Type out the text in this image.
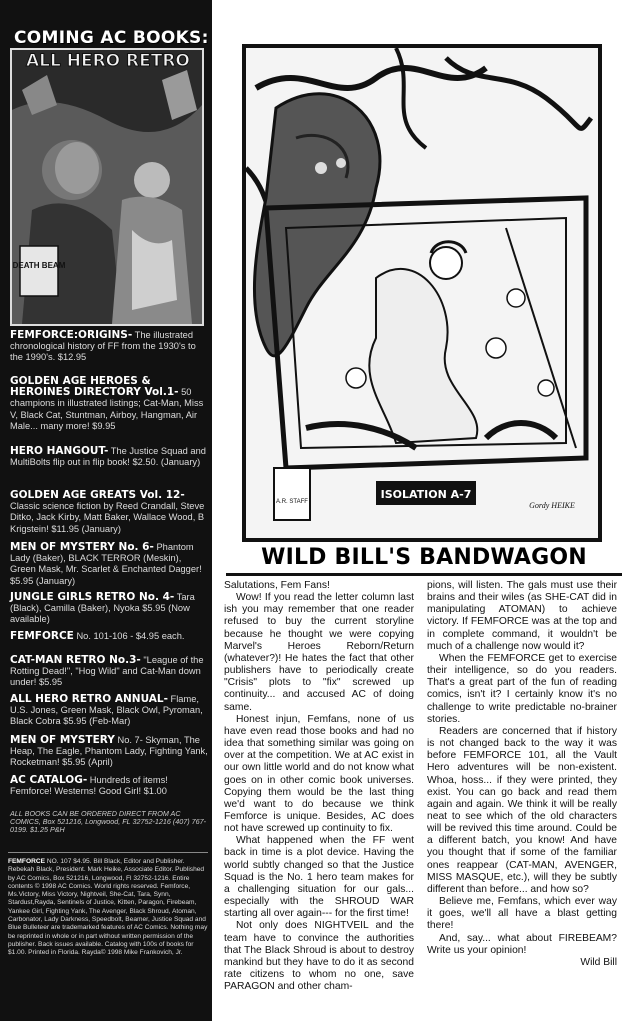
COMING AC BOOKS:
DEATH BEAM
ALL HERO RETRO
FEMFORCE:ORIGINS- The illustrated chronological history of FF from the 1930's to the 1990's. $12.95
GOLDEN AGE HEROES & HEROINES DIRECTORY Vol.1- 50 champions in illustrated listings; Cat-Man, Miss V, Black Cat, Stuntman, Airboy, Hangman, Air Male... many more! $9.95
HERO HANGOUT- The Justice Squad and MultiBolts flip out in flip book! $2.50. (January)
GOLDEN AGE GREATS Vol. 12- Classic science fiction by Reed Crandall, Steve Ditko, Jack Kirby, Matt Baker, Wallace Wood, B Krigstein! $11.95 (January)
MEN OF MYSTERY No. 6- Phantom Lady (Baker), BLACK TERROR (Meskin), Green Mask, Mr. Scarlet & Enchanted Dagger! $5.95 (January)
JUNGLE GIRLS RETRO No. 4- Tara (Black), Camilla (Baker), Nyoka $5.95 (Now available)
FEMFORCE No. 101-106 - $4.95 each.
CAT-MAN RETRO No.3- "League of the Rotting Dead!", "Hog Wild" and Cat-Man down under! $5.95
ALL HERO RETRO ANNUAL- Flame, U.S. Jones, Green Mask, Black Owl, Pyroman, Black Cobra $5.95 (Feb-Mar)
MEN OF MYSTERY No. 7- Skyman, The Heap, The Eagle, Phantom Lady, Fighting Yank, Rocketman! $5.95 (April)
AC CATALOG- Hundreds of items! Femforce! Westerns! Good Girl! $1.00
ALL BOOKS CAN BE ORDERED DIRECT FROM AC COMICS, Box 521216, Longwood, FL 32752-1216 (407) 767-0199. $1.25 P&H
FEMFORCE NO. 107 $4.95. Bill Black, Editor and Publisher. Rebekah Black, President. Mark Heike, Associate Editor. Published by AC Comics, Box 521216, Longwood, Fl 32752-1216. Entire contents © 1998 AC Comics. World rights reserved. Femforce, Ms.Victory, Miss Victory, Nightveil, She-Cat, Tara, Synn, Stardust,Rayda, Sentinels of Justice, Kitten, Paragon, Firebeam, Yankee Girl, Fighting Yank, The Avenger, Black Shroud, Atoman, Carbonator, Lady Darkness, Speedbolt, Beamer, Justice Squad and Blue Bulleteer are trademarked features of AC Comics. Nothing may be reprinted in whole or in part without written permission of the publisher. Back issues available. Catalog with 100s of books for $1.00. Printed in Florida. Rayda© 1998 Mike Frankovich, Jr.
A.R. STAFF
ISOLATION A-7
Gordy HEIKE
WILD BILL'S BANDWAGON

Salutations, Fem Fans!

Wow! If you read the letter column last ish you may remember that one reader refused to buy the current storyline because he thought we were copying Marvel's Heroes Reborn/Return (whatever?)! He hates the fact that other publishers have to periodically create "Crisis" plots to "fix" screwed up continuity... and accused AC of doing same.

Honest injun, Femfans, none of us have even read those books and had no idea that something similar was going on over at the competition. We at AC exist in our own little world and do not know what goes on in other comic book universes. Copying them would be the last thing we'd want to do because we think Femforce is unique. Besides, AC does not have screwed up continuity to fix.

What happened when the FF went back in time is a plot device. Having the world subtly changed so that the Justice Squad is the No. 1 hero team makes for a challenging situation for our gals... especially with the SHROUD WAR starting all over again--- for the first time!

Not only does NIGHTVEIL and the team have to convince the authorities that The Black Shroud is about to destroy mankind but they have to do it as second rate citizens to whom no one, save PARAGON and other cham-

pions, will listen. The gals must use their brains and their wiles (as SHE-CAT did in manipulating ATOMAN) to achieve victory. If FEMFORCE was at the top and in complete command, it wouldn't be much of a challenge now would it?

When the FEMFORCE get to exercise their intelligence, so do you readers. That's a great part of the fun of reading comics, isn't it? I certainly know it's no challenge to write predictable no-brainer stories.

Readers are concerned that if history is not changed back to the way it was before FEMFORCE 101, all the Vault Hero adventures will be non-existent. Whoa, hoss... if they were printed, they exist. You can go back and read them again and again. We think it will be really neat to see which of the old characters will be revived this time around. Could be a different batch, you know! And have you thought that if some of the familiar ones reappear (CAT-MAN, AVENGER, MISS MASQUE, etc.), will they be subtly different than before... and how so?

Believe me, Femfans, which ever way it goes, we'll all have a blast getting there!

And, say... what about FIREBEAM? Write us your opinion!

Wild Bill
